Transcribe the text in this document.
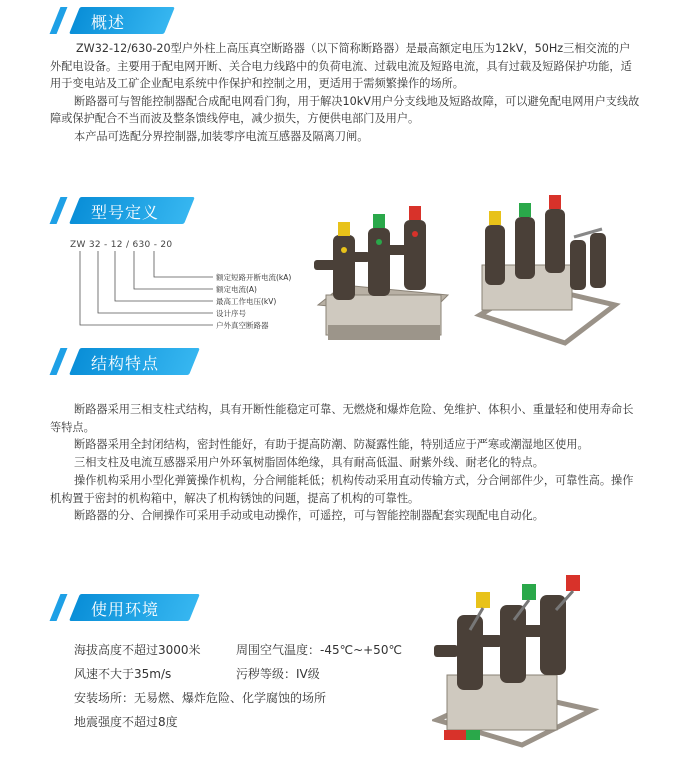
概述

ZW32-12/630-20型户外柱上高压真空断路器（以下简称断路器）是最高额定电压为12kV，50Hz三相交流的户外配电设备。主要用于配电网开断、关合电力线路中的负荷电流、过载电流及短路电流，具有过载及短路保护功能，适用于变电站及工矿企业配电系统中作保护和控制之用，更适用于需频繁操作的场所。

断路器可与智能控制器配合成配电网看门狗，用于解决10kV用户分支线地及短路故障，可以避免配电网用户支线故障或保护配合不当而波及整条馈线停电，减少损失，方便供电部门及用户。

本产品可选配分界控制器,加装零序电流互感器及隔离刀闸。

型号定义
ZW 32 - 12 / 630 - 20
额定短路开断电流(kA)
额定电流(A)
最高工作电压(kV)
设计序号
户外真空断路器
结构特点

断路器采用三相支柱式结构，具有开断性能稳定可靠、无燃烧和爆炸危险、免维护、体积小、重量轻和使用寿命长等特点。

断路器采用全封闭结构，密封性能好，有助于提高防潮、防凝露性能，特别适应于严寒或潮湿地区使用。

三相支柱及电流互感器采用户外环氧树脂固体绝缘，具有耐高低温、耐紫外线、耐老化的特点。

操作机构采用小型化弹簧操作机构，分合闸能耗低；机构传动采用直动传输方式，分合闸部件少，可靠性高。操作机构置于密封的机构箱中，解决了机构锈蚀的问题，提高了机构的可靠性。

断路器的分、合闸操作可采用手动或电动操作，可遥控，可与智能控制器配套实现配电自动化。

使用环境
海拔高度不超过3000米	周围空气温度：-45℃~+50℃
风速不大于35m/s	污秽等级：IV级
安装场所：无易燃、爆炸危险、化学腐蚀的场所
地震强度不超过8度
